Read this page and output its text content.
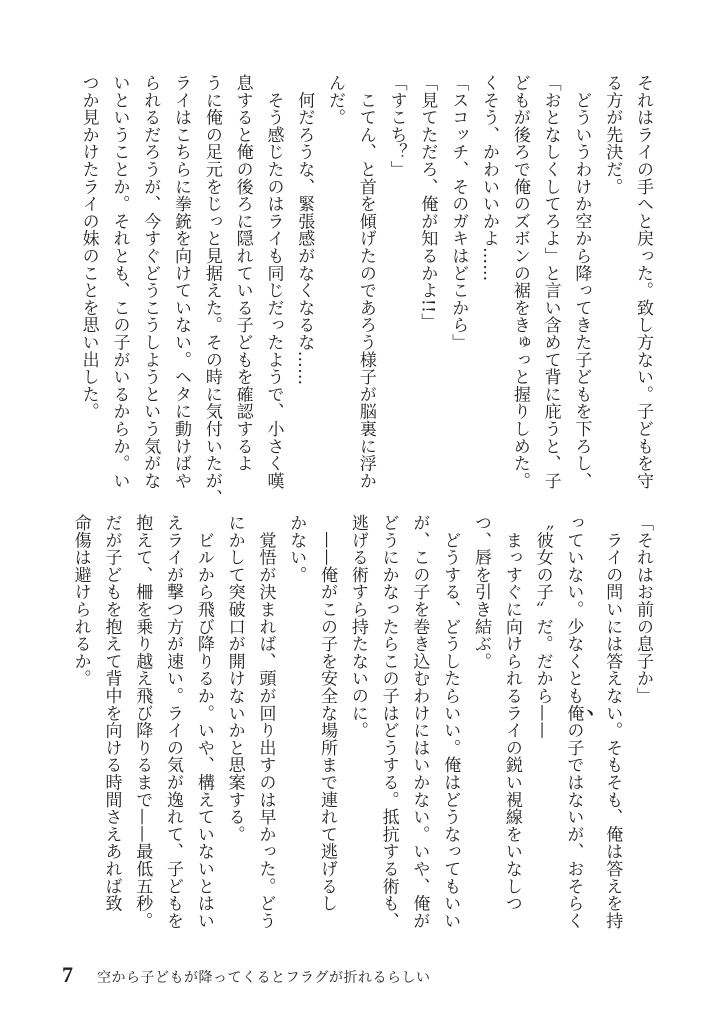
それはライの手へと戻った。致し方ない。子どもを守
る方が先決だ。
　どういうわけか空から降ってきた子どもを下ろし、
「おとなしくしてろよ」と言い含めて背に庇うと、子
どもが後ろで俺のズボンの裾をきゅっと握りしめた。
くそう、かわいいかよ……
「スコッチ、そのガキはどこから」
「見てただろ、俺が知るかよ!!」
「すこち？」
　こてん、と首を傾げたのであろう様子が脳裏に浮か
んだ。
　何だろうな、緊張感がなくなるな……
　そう感じたのはライも同じだったようで、小さく嘆
息すると俺の後ろに隠れている子どもを確認するよ
うに俺の足元をじっと見据えた。その時に気付いたが、
ライはこちらに拳銃を向けていない。ヘタに動けばや
られるだろうが、今すぐどうこうしようという気がな
いということか。それとも、この子がいるからか。い
つか見かけたライの妹のことを思い出した。
「それはお前の息子か」
　ライの問いには答えない。そもそも、俺は答えを持
っていない。少なくとも俺の子ではないが、おそらく
〝彼女の子〟だ。だから——
　まっすぐに向けられるライの鋭い視線をいなしつ
つ、唇を引き結ぶ。
　どうする、どうしたらいい。俺はどうなってもいい
が、この子を巻き込むわけにはいかない。いや、俺が
どうにかなったらこの子はどうする。抵抗する術も、
逃げる術すら持たないのに。
　——俺がこの子を安全な場所まで連れて逃げるし
かない。
　覚悟が決まれば、頭が回り出すのは早かった。どう
にかして突破口が開けないかと思案する。
　ビルから飛び降りるか。いや、構えていないとはい
えライが撃つ方が速い。ライの気が逸れて、子どもを
抱えて、柵を乗り越え飛び降りるまで——最低五秒。
だが子どもを抱えて背中を向ける時間さえあれば致
命傷は避けられるか。
7	空から子どもが降ってくるとフラグが折れるらしい
